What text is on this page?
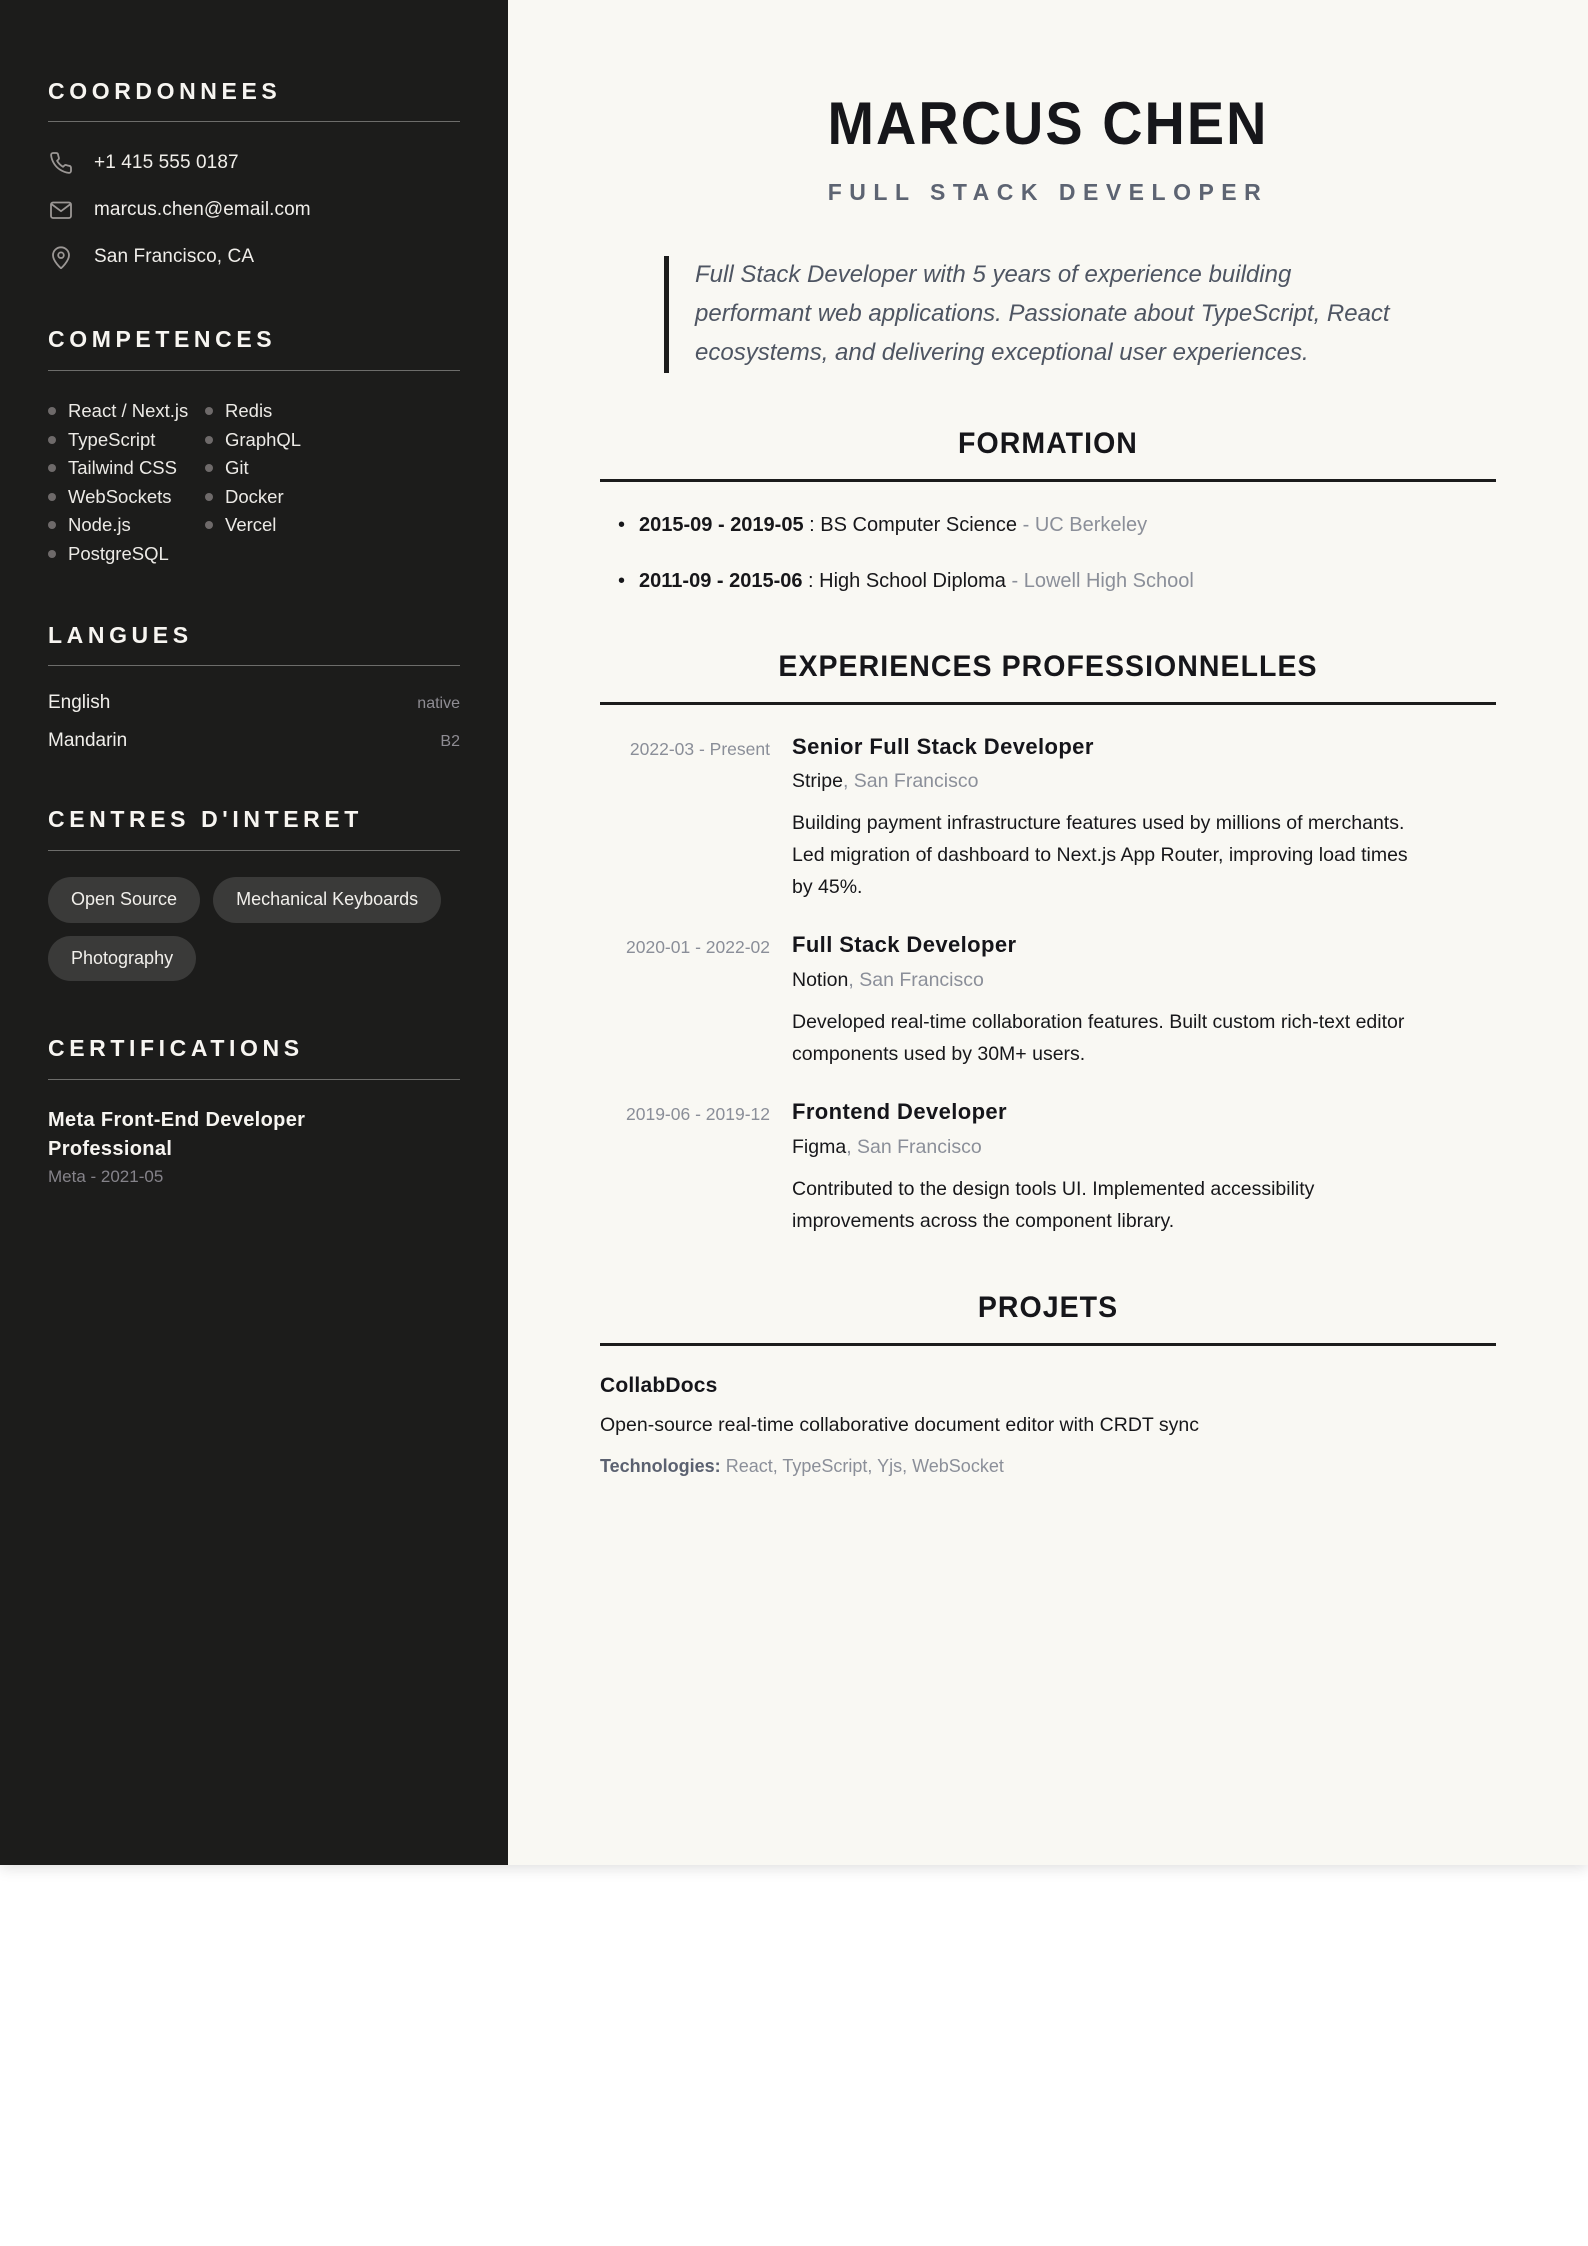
COORDONNEES
+1 415 555 0187
marcus.chen@email.com
San Francisco, CA
COMPETENCES
React / Next.js Redis
TypeScript	GraphQL
Tailwind CSS	Git
WebSockets	Docker
Node.js	Vercel
PostgreSQL
LANGUES
English	native
Mandarin	B2
CENTRES D'INTERET
Open Source	Mechanical Keyboards
Photography
CERTIFICATIONS
Meta Front-End Developer Professional
Meta - 2021-05
MARCUS CHEN
FULL STACK DEVELOPER
Full Stack Developer with 5 years of experience building performant web applications. Passionate about TypeScript, React ecosystems, and delivering exceptional user experiences.
FORMATION
• 2015-09 - 2019-05 : BS Computer Science - UC Berkeley
• 2011-09 - 2015-06 : High School Diploma - Lowell High School
EXPERIENCES PROFESSIONNELLES
2022-03 - Present Senior Full Stack Developer
Stripe, San Francisco
Building payment infrastructure features used by millions of merchants. Led migration of dashboard to Next.js App Router, improving load times by 45%.
2020-01 - 2022-02 Full Stack Developer
Notion, San Francisco
Developed real-time collaboration features. Built custom rich-text editor components used by 30M+ users.
2019-06 - 2019-12 Frontend Developer
Figma, San Francisco
Contributed to the design tools UI. Implemented accessibility improvements across the component library.
PROJETS
CollabDocs
Open-source real-time collaborative document editor with CRDT sync
Technologies: React, TypeScript, Yjs, WebSocket
